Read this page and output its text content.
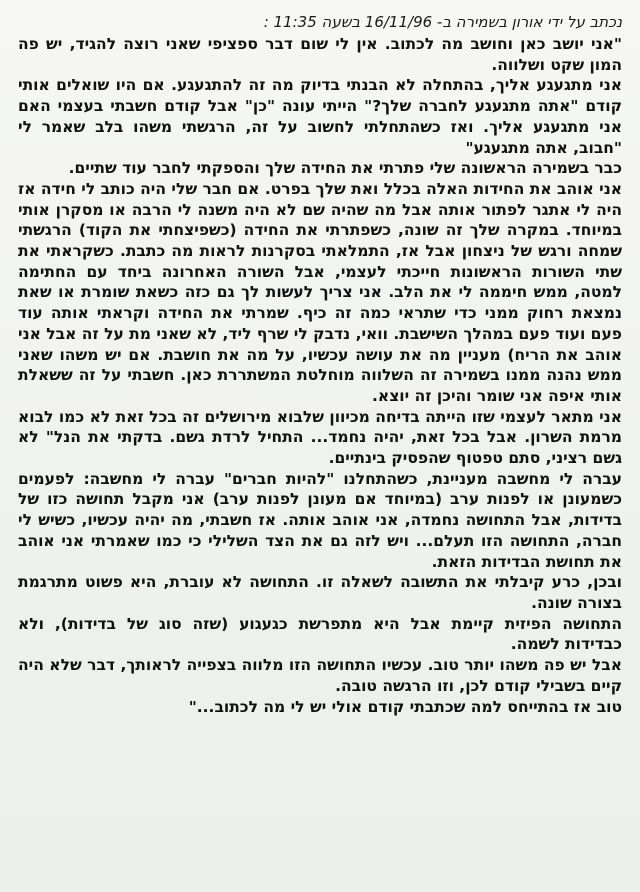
נכתב על ידי אורון בשמירה ב- 16/11/96 בשעה 11:35 :

"אני יושב כאן וחושב מה לכתוב. אין לי שום דבר ספציפי שאני רוצה להגיד, יש פה המון שקט ושלווה.

אני מתגעגע אליך, בהתחלה לא הבנתי בדיוק מה זה להתגעגע. אם היו שואלים אותי קודם "אתה מתגעגע לחברה שלך?" הייתי עונה "כן" אבל קודם חשבתי בעצמי האם אני מתגעגע אליך. ואז כשהתחלתי לחשוב על זה, הרגשתי משהו בלב שאמר לי "חבוב, אתה מתגעגע"

כבר בשמירה הראשונה שלי פתרתי את החידה שלך והספקתי לחבר עוד שתיים.

אני אוהב את החידות האלה בכלל ואת שלך בפרט. אם חבר שלי היה כותב לי חידה אז היה לי אתגר לפתור אותה אבל מה שהיה שם לא היה משנה לי הרבה או מסקרן אותי במיוחד. במקרה שלך זה שונה, כשפתרתי את החידה (כשפיצחתי את הקוד) הרגשתי שמחה ורגש של ניצחון אבל אז, התמלאתי בסקרנות לראות מה כתבת. כשקראתי את שתי השורות הראשונות חייכתי לעצמי, אבל השורה האחרונה ביחד עם החתימה למטה, ממש חיממה לי את הלב. אני צריך לעשות לך גם כזה כשאת שומרת או שאת נמצאת רחוק ממני כדי שתראי כמה זה כיף. שמרתי את החידה וקראתי אותה עוד פעם ועוד פעם במהלך השישבת. וואי, נדבק לי שרף ליד, לא שאני מת על זה אבל אני אוהב את הריח) מעניין מה את עושה עכשיו, על מה את חושבת. אם יש משהו שאני ממש נהנה ממנו בשמירה זה השלווה מוחלטת המשתררת כאן. חשבתי על זה ששאלת אותי איפה אני שומר והיכן זה יוצא.

אני מתאר לעצמי שזו הייתה בדיחה מכיוון שלבוא מירושלים זה בכל זאת לא כמו לבוא מרמת השרון. אבל בכל זאת, יהיה נחמד... התחיל לרדת גשם. בדקתי את הנל" לא גשם רציני, סתם טפטוף שהפסיק בינתיים.

עברה לי מחשבה מעניינת, כשהתחלנו "להיות חברים" עברה לי מחשבה: לפעמים כשמעונן או לפנות ערב (במיוחד אם מעונן לפנות ערב) אני מקבל תחושה כזו של בדידות, אבל התחושה נחמדה, אני אוהב אותה. אז חשבתי, מה יהיה עכשיו, כשיש לי חברה, התחושה הזו תעלם... ויש לזה גם את הצד השלילי כי כמו שאמרתי אני אוהב את תחושת הבדידות הזאת.

ובכן, כרע קיבלתי את התשובה לשאלה זו. התחושה לא עוברת, היא פשוט מתרגמת בצורה שונה.

התחושה הפיזית קיימת אבל היא מתפרשת כגעגוע (שזה סוג של בדידות), ולא כבדידות לשמה.

אבל יש פה משהו יותר טוב. עכשיו התחושה הזו מלווה בצפייה לראותך, דבר שלא היה קיים בשבילי קודם לכן, וזו הרגשה טובה.

טוב אז בהתייחס למה שכתבתי קודם אולי יש לי מה לכתוב..."
